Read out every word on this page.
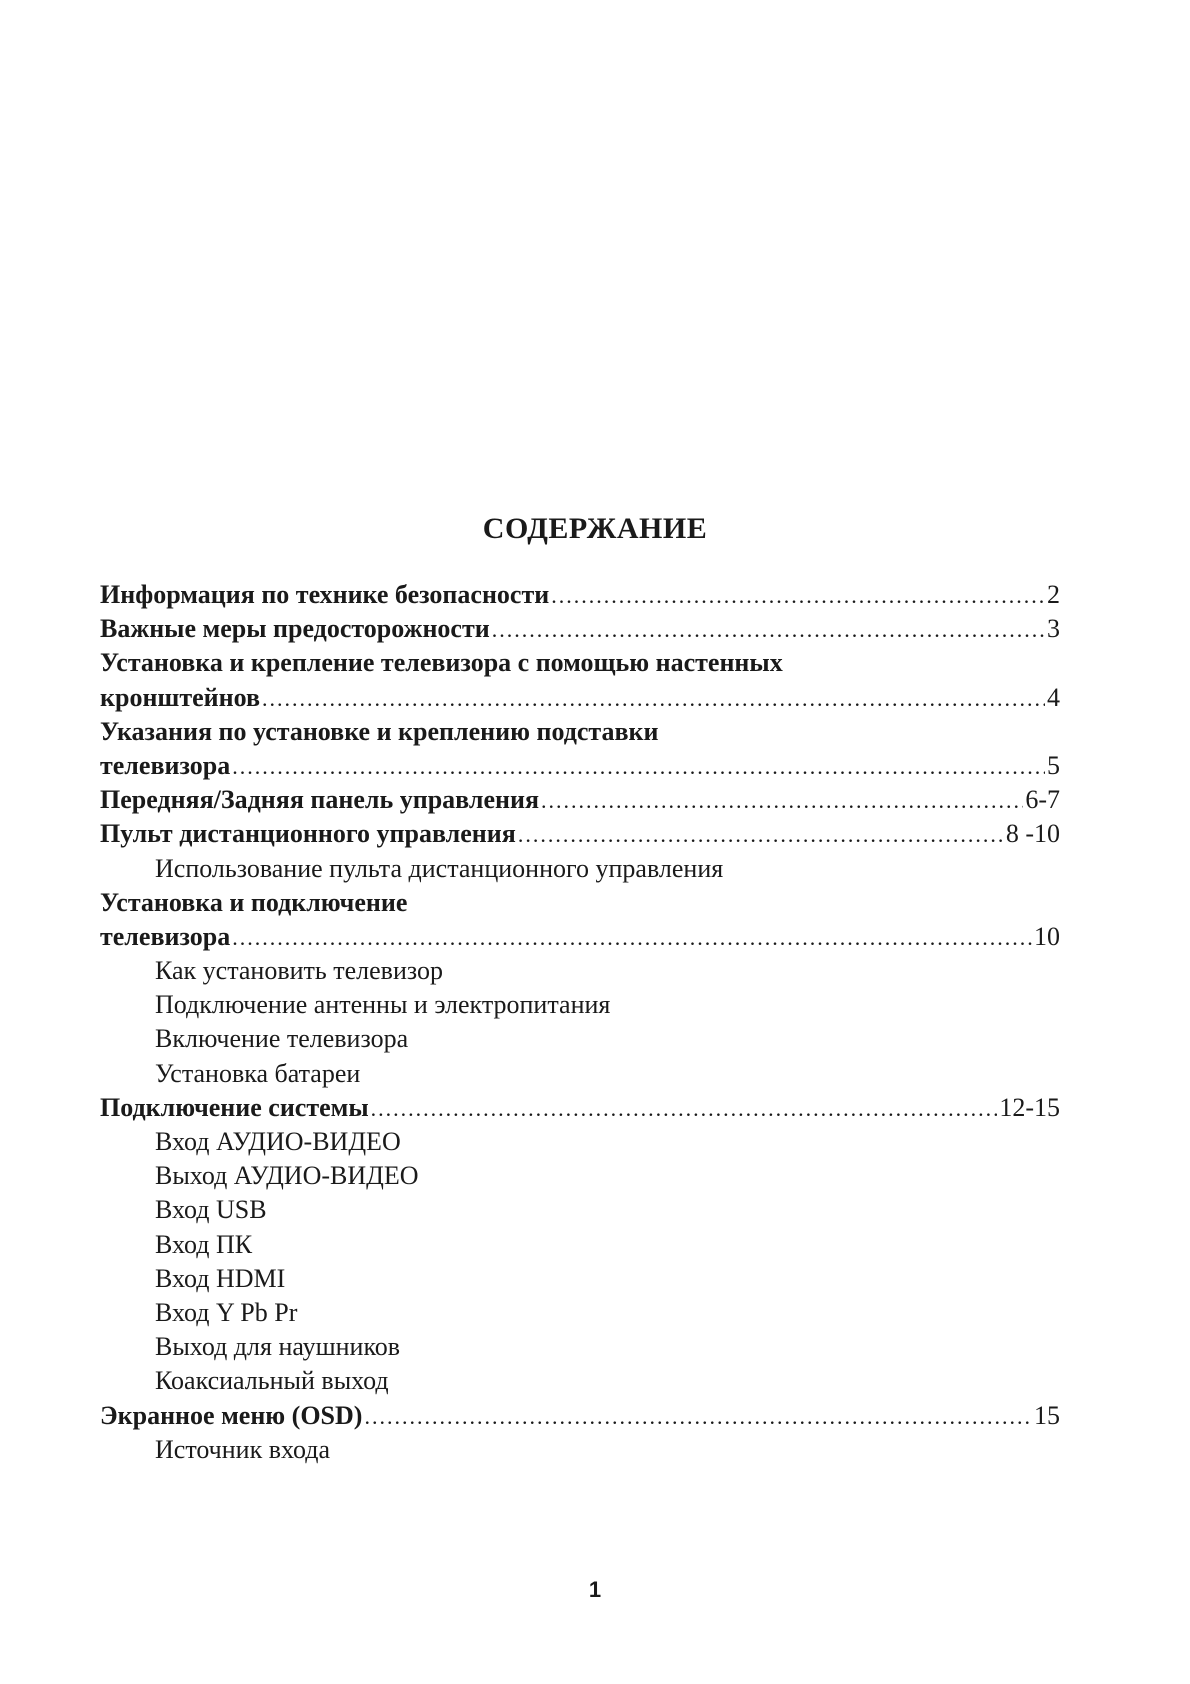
СОДЕРЖАНИЕ
Информация по технике безопасности .....	2
Важные меры предосторожности .....	3
Установка и крепление телевизора с помощью настенных
кронштейнов .....	4
Указания по установке и креплению подставки
телевизора .....	5
Передняя/Задняя панель управления .....	6-7
Пульт дистанционного управления .....	8 -10
Использование пульта дистанционного управления
Установка и подключение
телевизора .....	10
Как установить телевизор
Подключение антенны и электропитания
Включение телевизора
Установка батареи
Подключение системы .....	12-15
Вход АУДИО-ВИДЕО
Выход АУДИО-ВИДЕО
Вход USB
Вход ПК
Вход HDMI
Вход Y Pb Pr
Выход для наушников
Коаксиальный выход
Экранное меню (OSD) .....	15
Источник входа
1
